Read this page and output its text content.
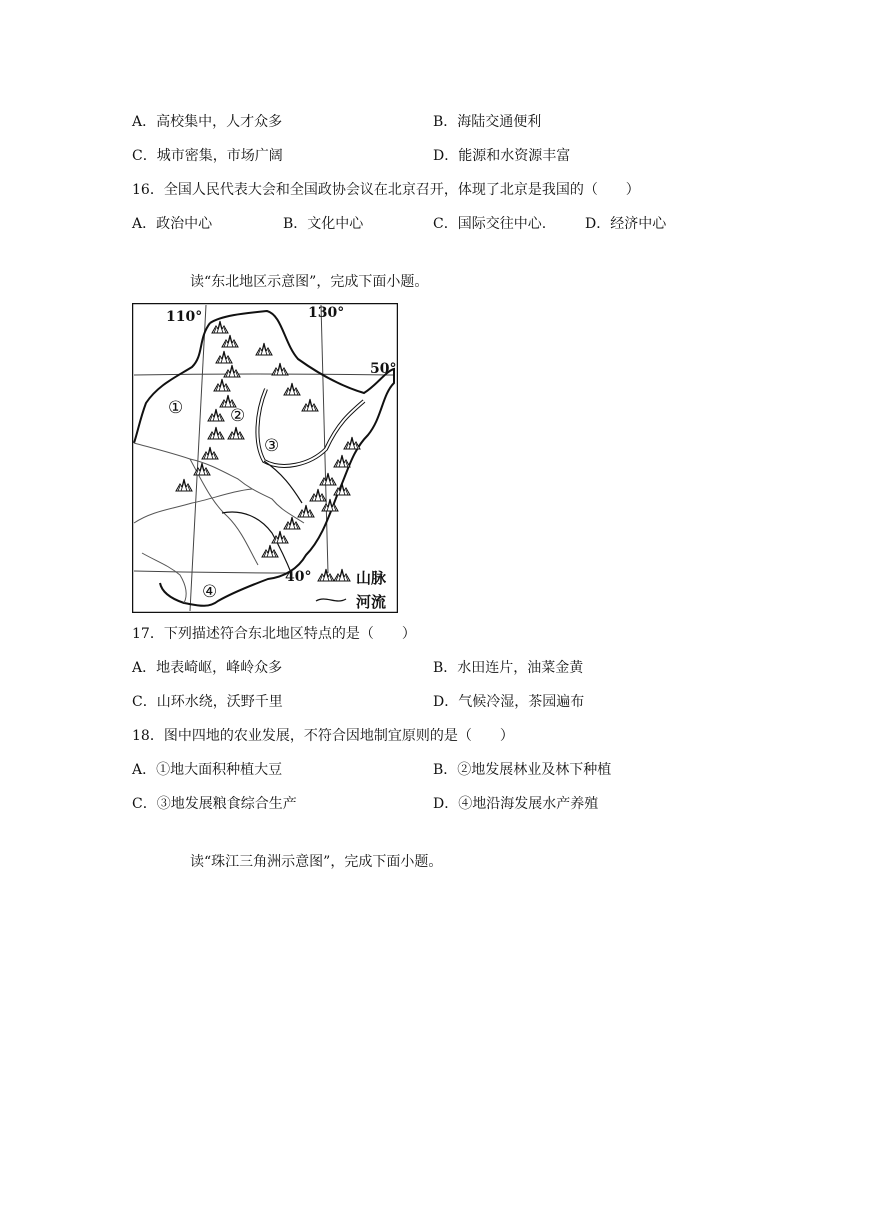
A．高校集中，人才众多	B．海陆交通便利
C．城市密集，市场广阔	D．能源和水资源丰富
16．全国人民代表大会和全国政协会议在北京召开，体现了北京是我国的（　　）
A．政治中心	B．文化中心	C．国际交往中心.	D．经济中心
读“东北地区示意图”，完成下面小题。
110°	130°
50°
40°
①	②
③
④
山脉
河流
17．下列描述符合东北地区特点的是（　　）
A．地表崎岖，峰岭众多	B．水田连片，油菜金黄
C．山环水绕，沃野千里	D．气候冷湿，茶园遍布
18．图中四地的农业发展，不符合因地制宜原则的是（　　）
A．①地大面积种植大豆	B．②地发展林业及林下种植
C．③地发展粮食综合生产	D．④地沿海发展水产养殖
读“珠江三角洲示意图”，完成下面小题。
